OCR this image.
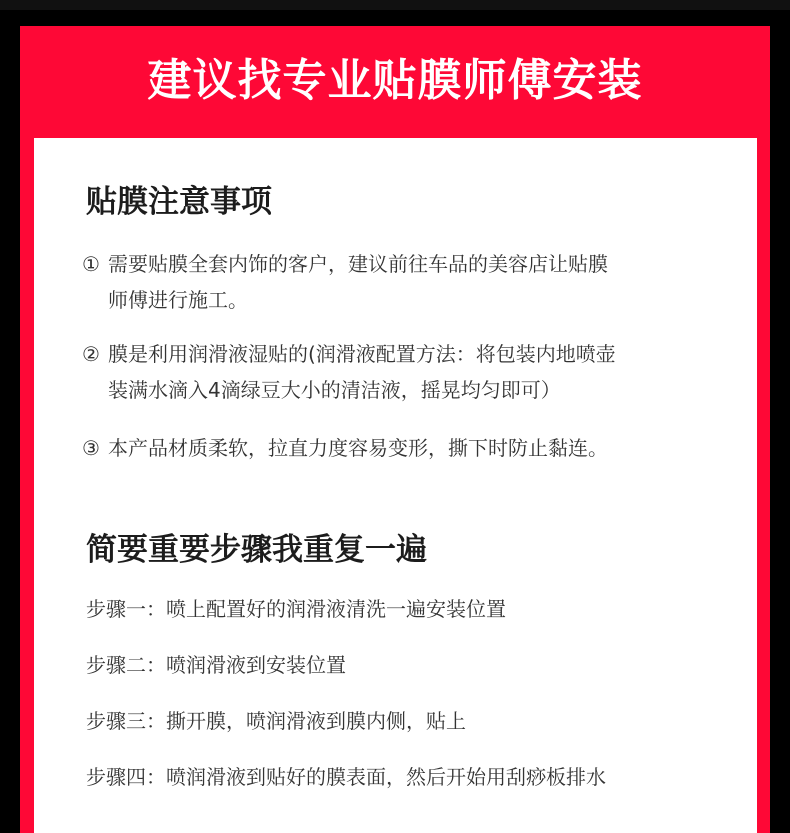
建议找专业贴膜师傅安装
贴膜注意事项
① 需要贴膜全套内饰的客户，建议前往车品的美容店让贴膜
师傅进行施工。
② 膜是利用润滑液湿贴的(润滑液配置方法：将包装内地喷壶
装满水滴入4滴绿豆大小的清洁液，摇晃均匀即可）
③ 本产品材质柔软，拉直力度容易变形，撕下时防止黏连。
简要重要步骤我重复一遍
步骤一：喷上配置好的润滑液清洗一遍安装位置
步骤二：喷润滑液到安装位置
步骤三：撕开膜，喷润滑液到膜内侧，贴上
步骤四：喷润滑液到贴好的膜表面，然后开始用刮痧板排水
